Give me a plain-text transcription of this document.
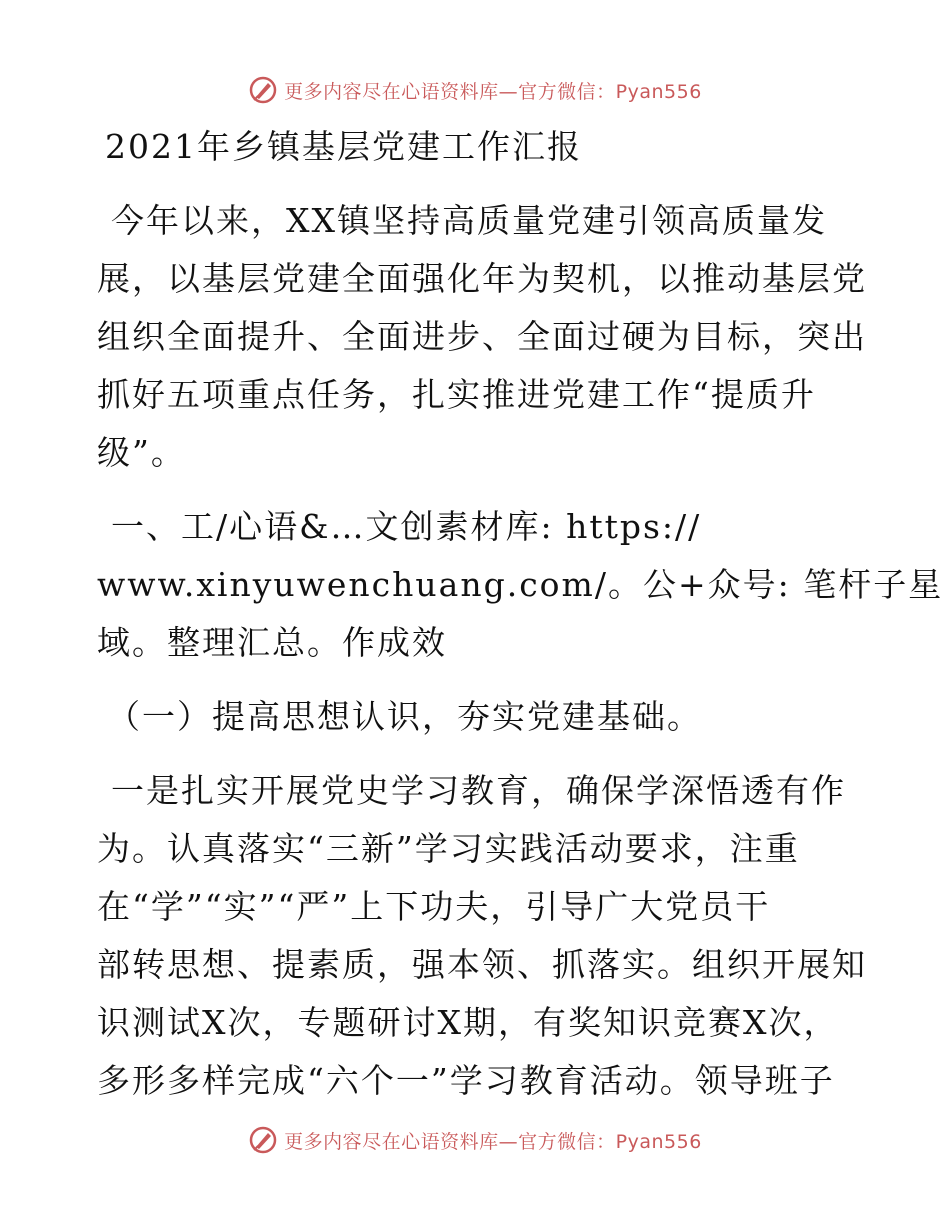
更多内容尽在心语资料库—官方微信：Pyan556

2021年乡镇基层党建工作汇报

今年以来，XX镇坚持高质量党建引领高质量发

展，以基层党建全面强化年为契机，以推动基层党

组织全面提升、全面进步、全面过硬为目标，突出

抓好五项重点任务，扎实推进党建工作“提质升

级”。

一、工/心语&…文创素材库: https://

www.xinyuwenchuang.com/。公+众号: 笔杆子星

域。整理汇总。作成效

（一）提高思想认识，夯实党建基础。

一是扎实开展党史学习教育，确保学深悟透有作

为。认真落实“三新”学习实践活动要求，注重

在“学”“实”“严”上下功夫，引导广大党员干

部转思想、提素质，强本领、抓落实。组织开展知

识测试X次，专题研讨X期，有奖知识竞赛X次，

多形多样完成“六个一”学习教育活动。领导班子

更多内容尽在心语资料库—官方微信：Pyan556
